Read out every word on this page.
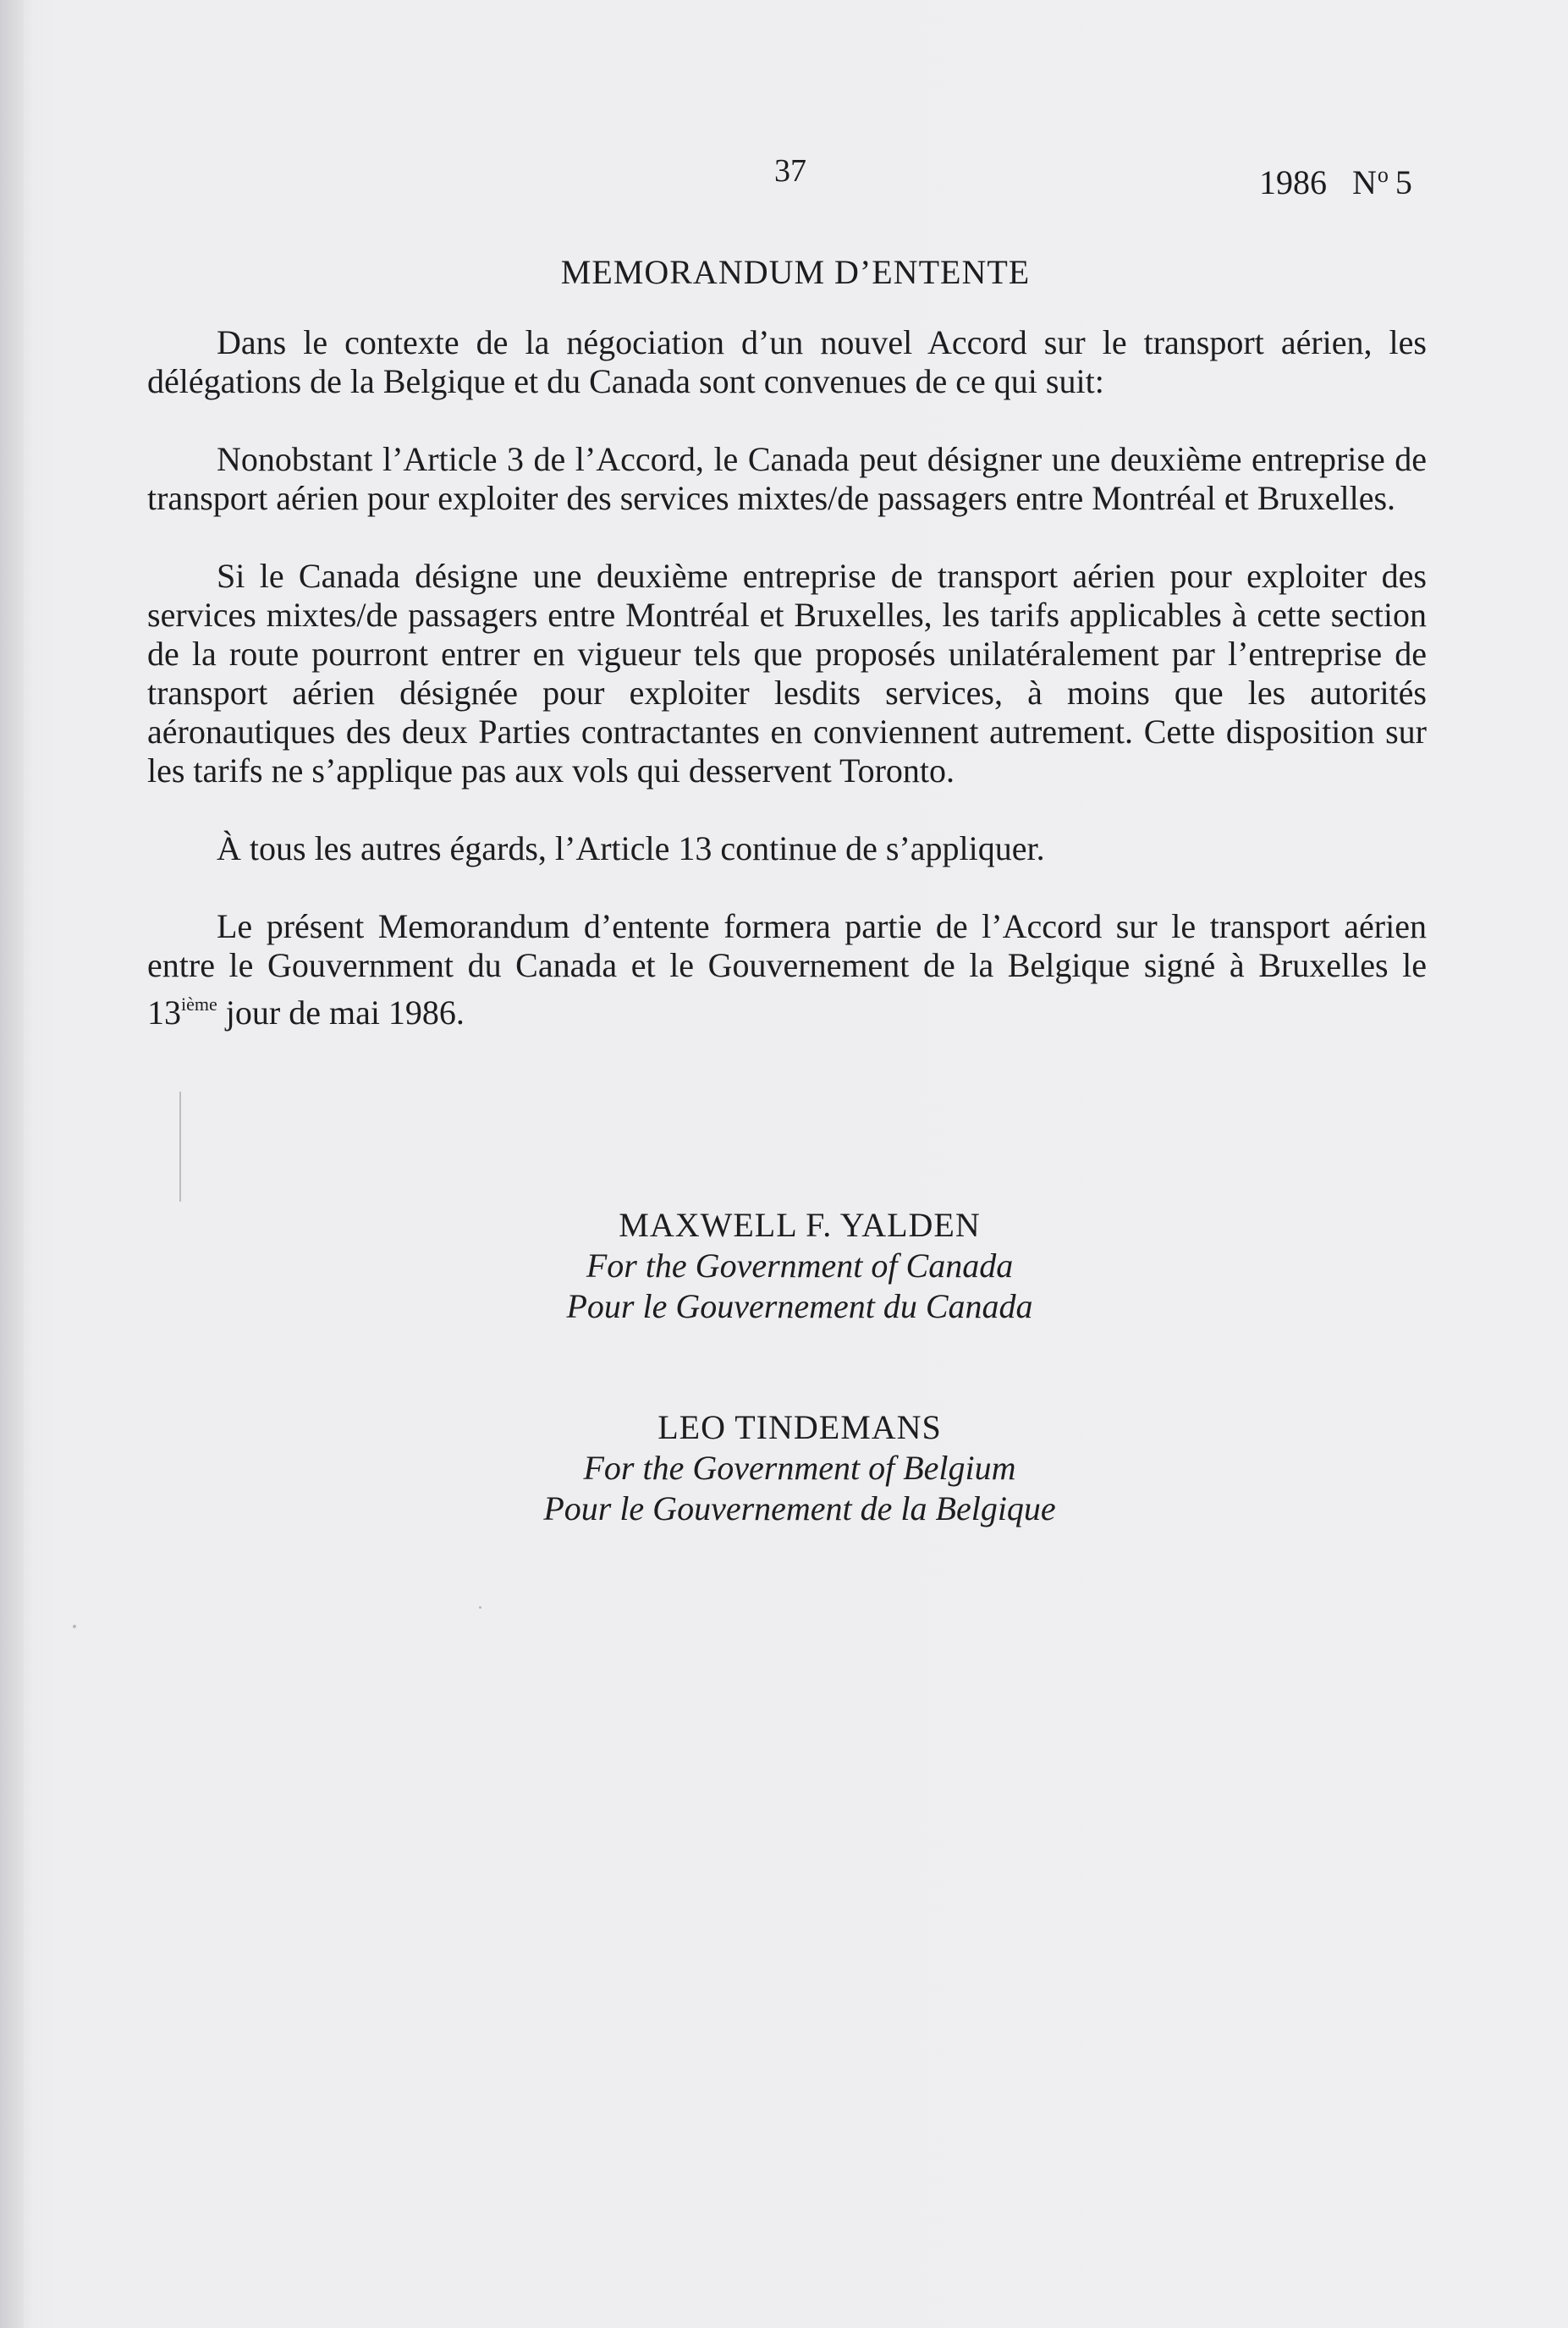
37	1986 $N^o$ 5
MEMORANDUM D’ENTENTE

Dans le contexte de la négociation d’un nouvel Accord sur le transport aérien, les délégations de la Belgique et du Canada sont convenues de ce qui suit:

Nonobstant l’Article 3 de l’Accord, le Canada peut désigner une deuxième entreprise de transport aérien pour exploiter des services mixtes/de passagers entre Montréal et Bruxelles.

Si le Canada désigne une deuxième entreprise de transport aérien pour exploiter des services mixtes/de passagers entre Montréal et Bruxelles, les tarifs applicables à cette section de la route pourront entrer en vigueur tels que proposés unilatéralement par l’entreprise de transport aérien désignée pour exploiter lesdits services, à moins que les autorités aéronautiques des deux Parties contractantes en conviennent autrement. Cette disposition sur les tarifs ne s’applique pas aux vols qui desservent Toronto.

À tous les autres égards, l’Article 13 continue de s’appliquer.

Le présent Memorandum d’entente formera partie de l’Accord sur le transport aérien entre le Gouvernment du Canada et le Gouvernement de la Belgique signé à Bruxelles le 13ième jour de mai 1986.

MAXWELL F. YALDEN
For the Government of Canada
Pour le Gouvernement du Canada
LEO TINDEMANS
For the Government of Belgium
Pour le Gouvernement de la Belgique
